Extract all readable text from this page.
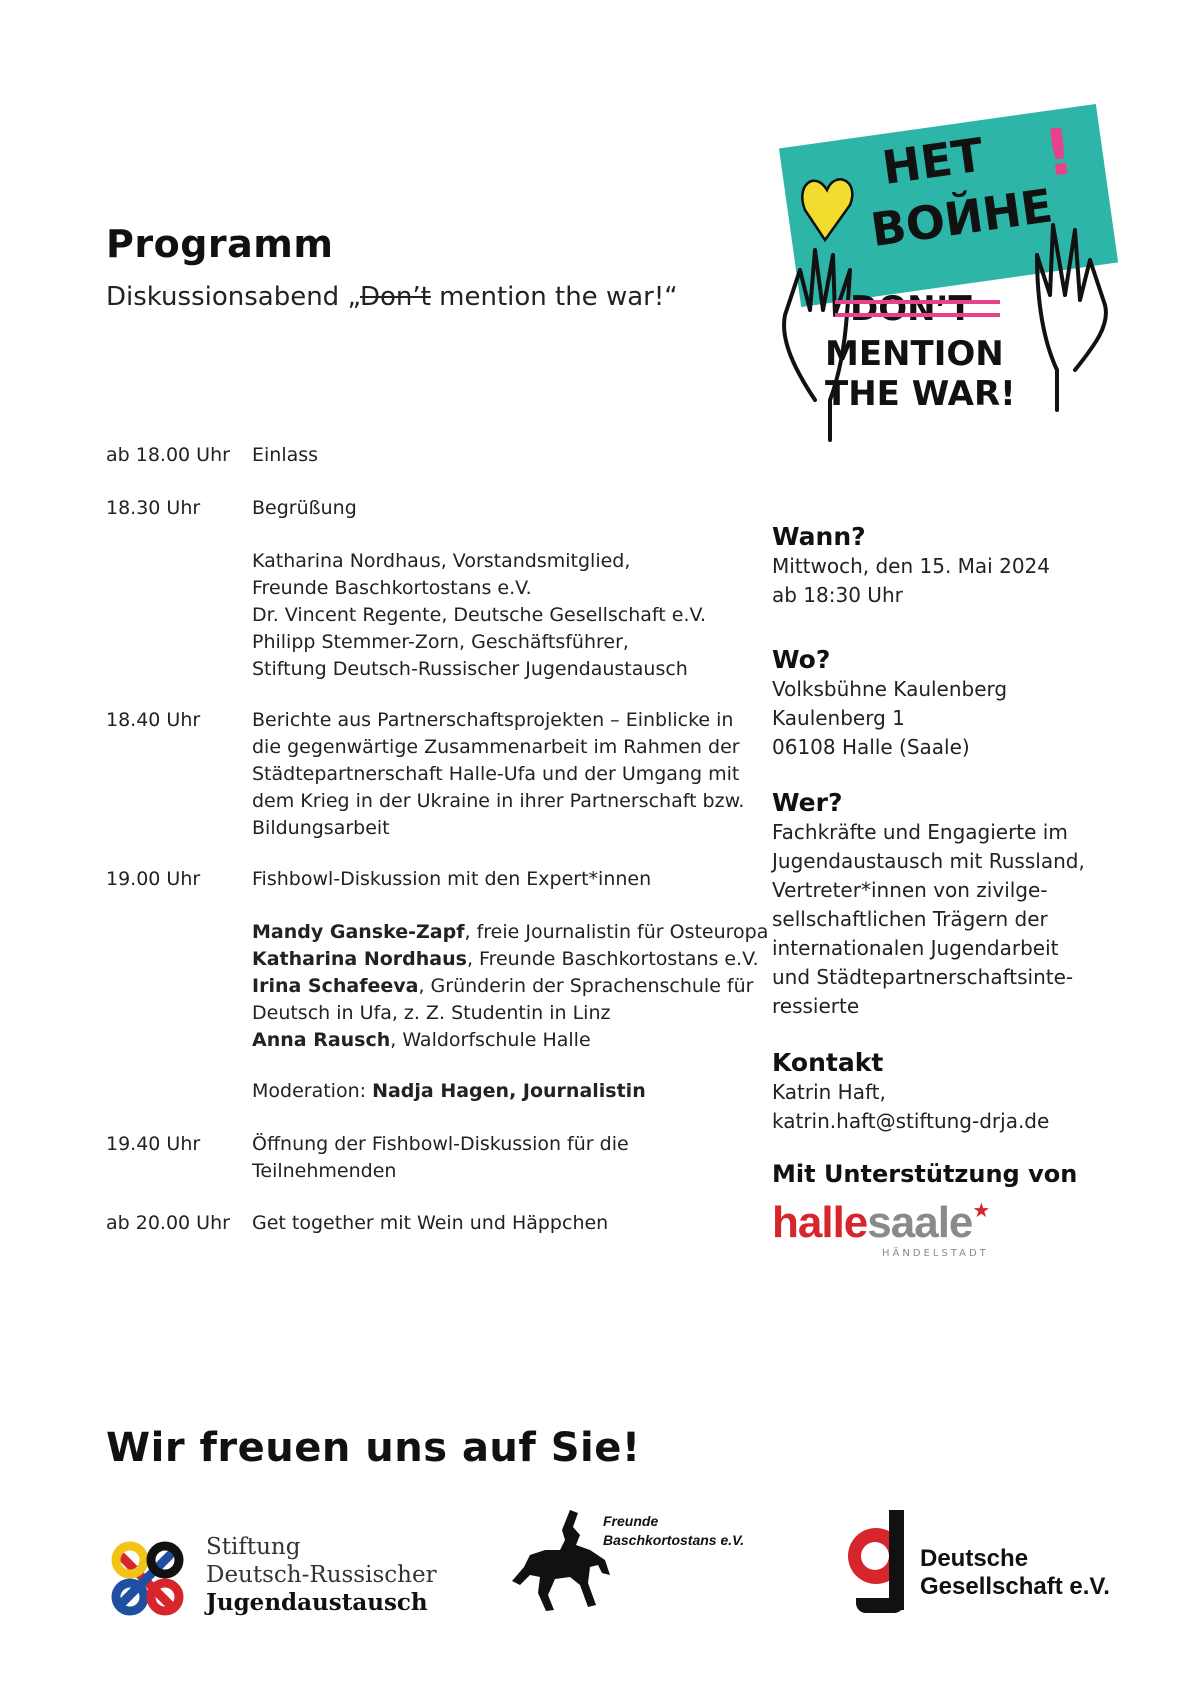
Programm
Diskussionsabend „Don’t mention the war!“
НЕТ
ВОЙНЕ
!
DON’T
MENTION
THE WAR!
ab 18.00 Uhr	Einlass
18.30 Uhr	Begrüßung
Katharina Nordhaus, Vorstandsmitglied,
Freunde Baschkortostans e.V.
Dr. Vincent Regente, Deutsche Gesellschaft e.V.
Philipp Stemmer-Zorn, Geschäftsführer,
Stiftung Deutsch-Russischer Jugendaustausch
18.40 Uhr	Berichte aus Partnerschaftsprojekten – Einblicke in
die gegenwärtige Zusammenarbeit im Rahmen der
Städtepartnerschaft Halle-Ufa und der Umgang mit
dem Krieg in der Ukraine in ihrer Partnerschaft bzw.
Bildungsarbeit
19.00 Uhr	Fishbowl-Diskussion mit den Expert*innen
Mandy Ganske-Zapf, freie Journalistin für Osteuropa
Katharina Nordhaus, Freunde Baschkortostans e.V.
Irina Schafeeva, Gründerin der Sprachenschule für
Deutsch in Ufa, z. Z. Studentin in Linz
Anna Rausch, Waldorfschule Halle
Moderation: Nadja Hagen, Journalistin
19.40 Uhr	Öffnung der Fishbowl-Diskussion für die
Teilnehmenden
ab 20.00 Uhr	Get together mit Wein und Häppchen
Wann?
Mittwoch, den 15. Mai 2024
ab 18:30 Uhr
Wo?
Volksbühne Kaulenberg
Kaulenberg 1
06108 Halle (Saale)
Wer?
Fachkräfte und Engagierte im
Jugendaustausch mit Russland,
Vertreter*innen von zivilge-
sellschaftlichen Trägern der
internationalen Jugendarbeit
und Städtepartnerschaftsinte-
ressierte
Kontakt
Katrin Haft,
katrin.haft@stiftung-drja.de
Mit Unterstützung von
hallesaale★
HÄNDELSTADT
Wir freuen uns auf Sie!
Stiftung
Deutsch-Russischer
Jugendaustausch
Freunde
Baschkortostans e.V.
Deutsche
Gesellschaft e.V.
